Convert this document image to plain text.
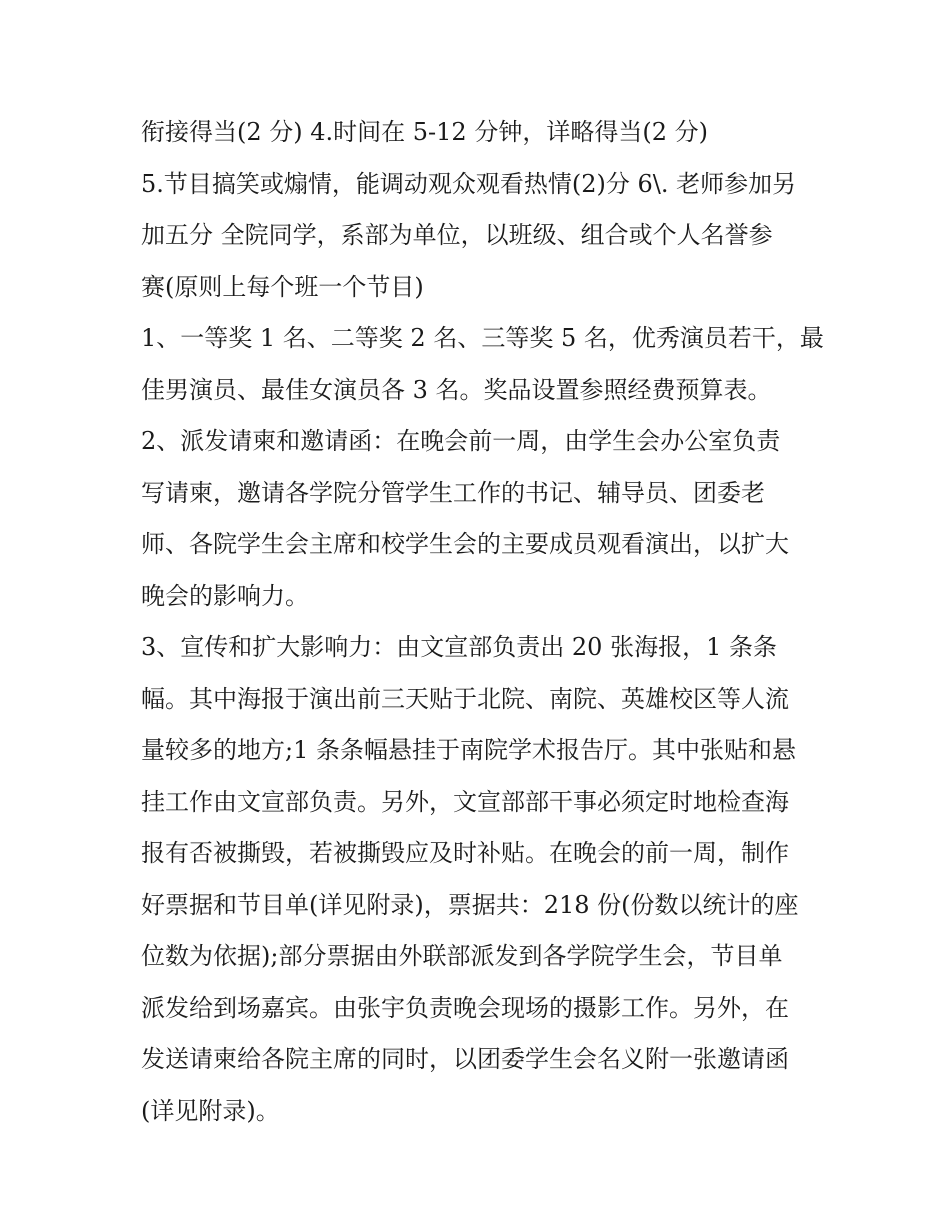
衔接得当(2 分) 4.时间在 5-12 分钟，详略得当(2 分)
5.节目搞笑或煽情，能调动观众观看热情(2)分 6\. 老师参加另
加五分 全院同学，系部为单位，以班级、组合或个人名誉参
赛(原则上每个班一个节目)
1、一等奖 1 名、二等奖 2 名、三等奖 5 名，优秀演员若干，最
佳男演员、最佳女演员各 3 名。奖品设置参照经费预算表。
2、派发请柬和邀请函：在晚会前一周，由学生会办公室负责
写请柬，邀请各学院分管学生工作的书记、辅导员、团委老
师、各院学生会主席和校学生会的主要成员观看演出，以扩大
晚会的影响力。
3、宣传和扩大影响力：由文宣部负责出 20 张海报，1 条条
幅。其中海报于演出前三天贴于北院、南院、英雄校区等人流
量较多的地方;1 条条幅悬挂于南院学术报告厅。其中张贴和悬
挂工作由文宣部负责。另外，文宣部部干事必须定时地检查海
报有否被撕毁，若被撕毁应及时补贴。在晚会的前一周，制作
好票据和节目单(详见附录)，票据共：218 份(份数以统计的座
位数为依据);部分票据由外联部派发到各学院学生会，节目单
派发给到场嘉宾。由张宇负责晚会现场的摄影工作。另外，在
发送请柬给各院主席的同时，以团委学生会名义附一张邀请函
(详见附录)。
